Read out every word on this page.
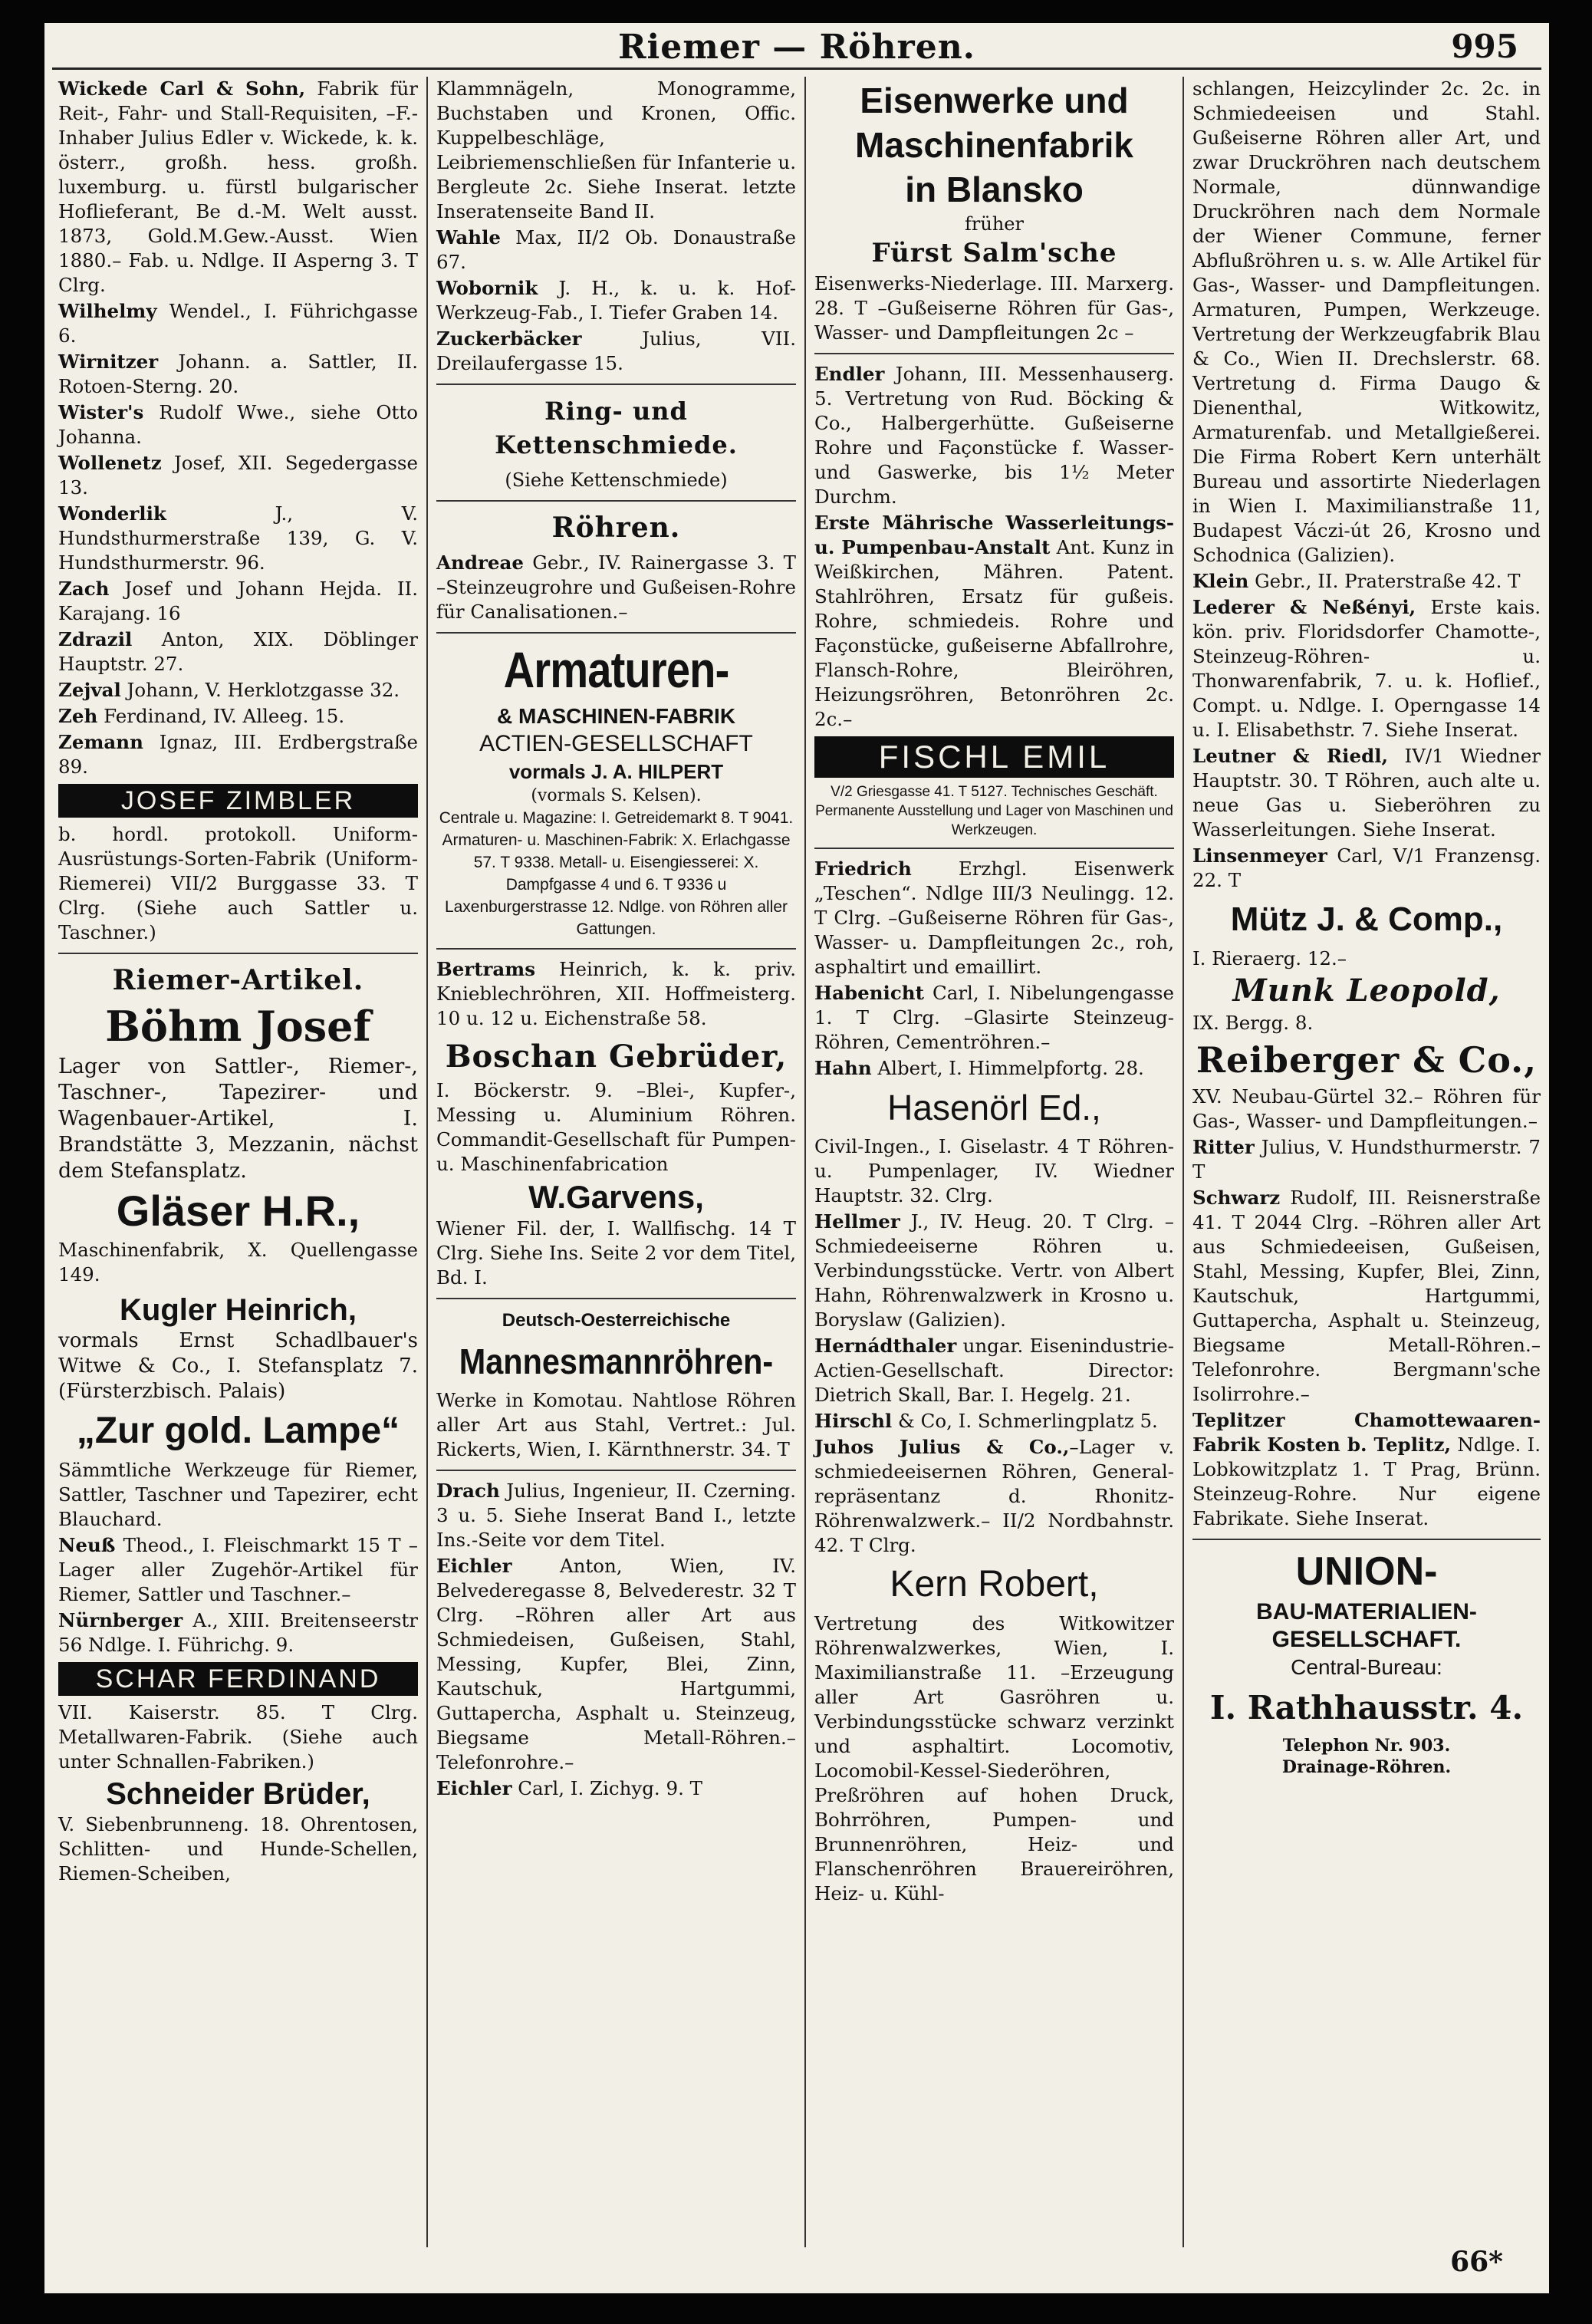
Riemer — Röhren.	995

Wickede Carl & Sohn, Fabrik für Reit-, Fahr- und Stall-Requisiten, –F.-Inhaber Julius Edler v. Wickede, k. k. österr., großh. hess. großh. luxemburg. u. fürstl bulgarischer Hoflieferant, Be d.-M. Welt ausst. 1873, Gold.M.Gew.-Ausst. Wien 1880.– Fab. u. Ndlge. II Asperng 3. T Clrg.

Wilhelmy Wendel., I. Führichgasse 6.

Wirnitzer Johann. a. Sattler, II. Rotoen-Sterng. 20.

Wister's Rudolf Wwe., siehe Otto Johanna.

Wollenetz Josef, XII. Segedergasse 13.

Wonderlik J., V. Hundsthurmerstraße 139, G. V. Hundsthurmerstr. 96.

Zach Josef und Johann Hejda. II. Karajang. 16

Zdrazil Anton, XIX. Döblinger Hauptstr. 27.

Zejval Johann, V. Herklotzgasse 32.

Zeh Ferdinand, IV. Alleeg. 15.

Zemann Ignaz, III. Erdbergstraße 89.

JOSEF ZIMBLER

b. hordl. protokoll. Uniform-Ausrüstungs-Sorten-Fabrik (Uniform-Riemerei) VII/2 Burggasse 33. T Clrg. (Siehe auch Sattler u. Taschner.)

Riemer-Artikel.
Böhm Josef

Lager von Sattler-, Riemer-, Taschner-, Tapezirer- und Wagenbauer-Artikel, I. Brandstätte 3, Mezzanin, nächst dem Stefansplatz.

Gläser H.R.,

Maschinenfabrik, X. Quellengasse 149.

Kugler Heinrich,

vormals Ernst Schadlbauer's Witwe & Co., I. Stefansplatz 7. (Fürsterzbisch. Palais)

„Zur gold. Lampe“

Sämmtliche Werkzeuge für Riemer, Sattler, Taschner und Tapezirer, echt Blauchard.

Neuß Theod., I. Fleischmarkt 15 T –Lager aller Zugehör-Artikel für Riemer, Sattler und Taschner.–

Nürnberger A., XIII. Breitenseerstr 56 Ndlge. I. Führichg. 9.

SCHAR FERDINAND

VII. Kaiserstr. 85. T Clrg. Metallwaren-Fabrik. (Siehe auch unter Schnallen-Fabriken.)

Schneider Brüder,

V. Siebenbrunneng. 18. Ohrentosen, Schlitten- und Hunde-Schellen, Riemen-Scheiben,

Klammnägeln, Monogramme, Buchstaben und Kronen, Offic. Kuppelbeschläge, Leibriemenschließen für Infanterie u. Bergleute 2c. Siehe Inserat. letzte Inseratenseite Band II.

Wahle Max, II/2 Ob. Donaustraße 67.

Wobornik J. H., k. u. k. Hof-Werkzeug-Fab., I. Tiefer Graben 14.

Zuckerbäcker Julius, VII. Dreilaufergasse 15.

Ring- und Kettenschmiede.
(Siehe Kettenschmiede)
Röhren.

Andreae Gebr., IV. Rainergasse 3. T –Steinzeugrohre und Gußeisen-Rohre für Canalisationen.–

Armaturen-
& MASCHINEN-FABRIK
ACTIEN-GESELLSCHAFT
vormals J. A. HILPERT
(vormals S. Kelsen).

Centrale u. Magazine: I. Getreidemarkt 8. T 9041. Armaturen- u. Maschinen-Fabrik: X. Erlachgasse 57. T 9338. Metall- u. Eisengiesserei: X. Dampfgasse 4 und 6. T 9336 u Laxenburgerstrasse 12. Ndlge. von Röhren aller Gattungen.

Bertrams Heinrich, k. k. priv. Knieblechröhren, XII. Hoffmeisterg. 10 u. 12 u. Eichenstraße 58.

Boschan Gebrüder,

I. Böckerstr. 9. –Blei-, Kupfer-, Messing u. Aluminium Röhren. Commandit-Gesellschaft für Pumpen- u. Maschinenfabrication

W.Garvens,

Wiener Fil. der, I. Wallfischg. 14 T Clrg. Siehe Ins. Seite 2 vor dem Titel, Bd. I.

Deutsch-Oesterreichische
Mannesmannröhren-

Werke in Komotau. Nahtlose Röhren aller Art aus Stahl, Vertret.: Jul. Rickerts, Wien, I. Kärnthnerstr. 34. T

Drach Julius, Ingenieur, II. Czerning. 3 u. 5. Siehe Inserat Band I., letzte Ins.-Seite vor dem Titel.

Eichler Anton, Wien, IV. Belvederegasse 8, Belvederestr. 32 T Clrg. –Röhren aller Art aus Schmiedeisen, Gußeisen, Stahl, Messing, Kupfer, Blei, Zinn, Kautschuk, Hartgummi, Guttapercha, Asphalt u. Steinzeug, Biegsame Metall-Röhren.– Telefonrohre.–

Eichler Carl, I. Zichyg. 9. T

Eisenwerke und
Maschinenfabrik
in Blansko
früher
Fürst Salm'sche

Eisenwerks-Niederlage. III. Marxerg. 28. T –Gußeiserne Röhren für Gas-, Wasser- und Dampfleitungen 2c –

Endler Johann, III. Messenhauserg. 5. Vertretung von Rud. Böcking & Co., Halbergerhütte. Gußeiserne Rohre und Façonstücke f. Wasser- und Gaswerke, bis 1½ Meter Durchm.

Erste Mährische Wasserleitungs- u. Pumpenbau-Anstalt Ant. Kunz in Weißkirchen, Mähren. Patent. Stahlröhren, Ersatz für gußeis. Rohre, schmiedeis. Rohre und Façonstücke, gußeiserne Abfallrohre, Flansch-Rohre, Bleiröhren, Heizungsröhren, Betonröhren 2c. 2c.–

FISCHL EMIL

V/2 Griesgasse 41. T 5127. Technisches Geschäft. Permanente Ausstellung und Lager von Maschinen und Werkzeugen.

Friedrich Erzhgl. Eisenwerk „Teschen“. Ndlge III/3 Neulingg. 12. T Clrg. –Gußeiserne Röhren für Gas-, Wasser- u. Dampfleitungen 2c., roh, asphaltirt und emaillirt.

Habenicht Carl, I. Nibelungengasse 1. T Clrg. –Glasirte Steinzeug-Röhren, Cementröhren.–

Hahn Albert, I. Himmelpfortg. 28.

Hasenörl Ed.,

Civil-Ingen., I. Giselastr. 4 T Röhren- u. Pumpenlager, IV. Wiedner Hauptstr. 32. Clrg.

Hellmer J., IV. Heug. 20. T Clrg. –Schmiedeeiserne Röhren u. Verbindungsstücke. Vertr. von Albert Hahn, Röhrenwalzwerk in Krosno u. Boryslaw (Galizien).

Hernádthaler ungar. Eisenindustrie-Actien-Gesellschaft. Director: Dietrich Skall, Bar. I. Hegelg. 21.

Hirschl & Co, I. Schmerlingplatz 5.

Juhos Julius & Co.,–Lager v. schmiedeeisernen Röhren, General-repräsentanz d. Rhonitz-Röhrenwalzwerk.– II/2 Nordbahnstr. 42. T Clrg.

Kern Robert,

Vertretung des Witkowitzer Röhrenwalzwerkes, Wien, I. Maximilianstraße 11. –Erzeugung aller Art Gasröhren u. Verbindungsstücke schwarz verzinkt und asphaltirt. Locomotiv, Locomobil-Kessel-Siederöhren, Preßröhren auf hohen Druck, Bohrröhren, Pumpen- und Brunnenröhren, Heiz- und Flanschenröhren Brauereiröhren, Heiz- u. Kühl-

schlangen, Heizcylinder 2c. 2c. in Schmiedeeisen und Stahl. Gußeiserne Röhren aller Art, und zwar Druckröhren nach deutschem Normale, dünnwandige Druckröhren nach dem Normale der Wiener Commune, ferner Abflußröhren u. s. w. Alle Artikel für Gas-, Wasser- und Dampfleitungen. Armaturen, Pumpen, Werkzeuge. Vertretung der Werkzeugfabrik Blau & Co., Wien II. Drechslerstr. 68. Vertretung d. Firma Daugo & Dienenthal, Witkowitz, Armaturenfab. und Metallgießerei. Die Firma Robert Kern unterhält Bureau und assortirte Niederlagen in Wien I. Maximilianstraße 11, Budapest Váczi-út 26, Krosno und Schodnica (Galizien).

Klein Gebr., II. Praterstraße 42. T

Lederer & Neßényi, Erste kais. kön. priv. Floridsdorfer Chamotte-, Steinzeug-Röhren- u. Thonwarenfabrik, 7. u. k. Hoflief., Compt. u. Ndlge. I. Operngasse 14 u. I. Elisabethstr. 7. Siehe Inserat.

Leutner & Riedl, IV/1 Wiedner Hauptstr. 30. T Röhren, auch alte u. neue Gas u. Sieberöhren zu Wasserleitungen. Siehe Inserat.

Linsenmeyer Carl, V/1 Franzensg. 22. T

Mütz J. & Comp.,

I. Rieraerg. 12.–

Munk Leopold,

IX. Bergg. 8.

Reiberger & Co.,

XV. Neubau-Gürtel 32.– Röhren für Gas-, Wasser- und Dampfleitungen.–

Ritter Julius, V. Hundsthurmerstr. 7 T

Schwarz Rudolf, III. Reisnerstraße 41. T 2044 Clrg. –Röhren aller Art aus Schmiedeeisen, Gußeisen, Stahl, Messing, Kupfer, Blei, Zinn, Kautschuk, Hartgummi, Guttapercha, Asphalt u. Steinzeug, Biegsame Metall-Röhren.– Telefonrohre. Bergmann'sche Isolirrohre.–

Teplitzer Chamottewaaren-Fabrik Kosten b. Teplitz, Ndlge. I. Lobkowitzplatz 1. T Prag, Brünn. Steinzeug-Rohre. Nur eigene Fabrikate. Siehe Inserat.

UNION-
BAU-MATERIALIEN-
GESELLSCHAFT.
Central-Bureau:
I. Rathhausstr. 4.
Telephon Nr. 903.
Drainage-Röhren.
66*
